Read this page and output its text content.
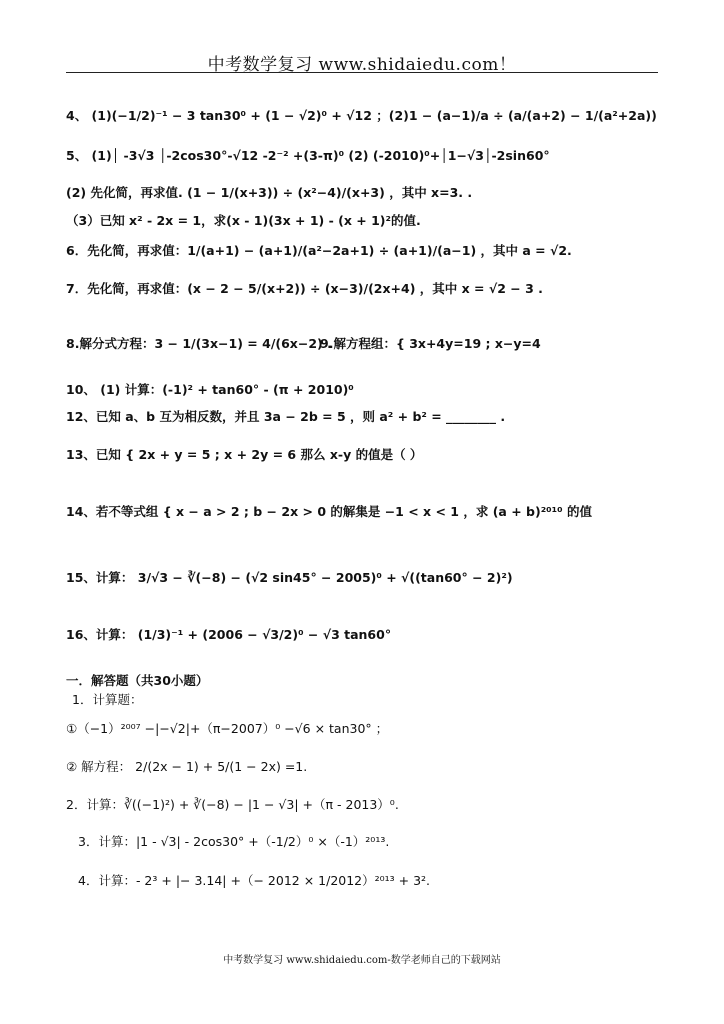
中考数学复习 www.shidaiedu.com！
4、 (1)(−1/2)⁻¹ − 3 tan30⁰ + (1 − √2)⁰ + √12 ；(2)1 − (a−1)/a ÷ (a/(a+2) − 1/(a²+2a))
5、 (1)│ -3√3 │-2cos30°-√12 -2⁻² +(3-π)⁰ (2) (-2010)⁰+│1−√3│-2sin60°
(2) 先化简，再求值. (1 − 1/(x+3)) ÷ (x²−4)/(x+3) ，其中 x=3. .
（3）已知 x² - 2x = 1，求(x - 1)(3x + 1) - (x + 1)²的值.
6．先化简，再求值：1/(a+1) − (a+1)/(a²−2a+1) ÷ (a+1)/(a−1) ，其中 a = √2.
7．先化简，再求值：(x − 2 − 5/(x+2)) ÷ (x−3)/(2x+4) ，其中 x = √2 − 3 .
8.解分式方程：3 − 1/(3x−1) = 4/(6x−2) .
9.解方程组：{ 3x+4y=19 ; x−y=4
10、 (1) 计算：(-1)² + tan60° - (π + 2010)⁰
12、已知 a、b 互为相反数，并且 3a − 2b = 5 ，则 a² + b² = ________ .
13、已知 { 2x + y = 5 ; x + 2y = 6 那么 x-y 的值是（ ）
14、若不等式组 { x − a > 2 ; b − 2x > 0 的解集是 −1 < x < 1 ，求 (a + b)²⁰¹⁰ 的值
15、计算： 3/√3 − ∛(−8) − (√2 sin45° − 2005)⁰ + √((tan60° − 2)²)
16、计算： (1/3)⁻¹ + (2006 − √3/2)⁰ − √3 tan60°
一．解答题（共30小题）
1．计算题：
①（−1）²⁰⁰⁷ −|−√2|+（π−2007）⁰ −√6 × tan30° ；
② 解方程： 2/(2x − 1) + 5/(1 − 2x) =1.
2．计算：∛((−1)²) + ∛(−8) − |1 − √3| +（π - 2013）⁰.
3．计算：|1 - √3| - 2cos30° +（-1/2）⁰ ×（-1）²⁰¹³.
4．计算：- 2³ + |− 3.14| +（− 2012 × 1/2012）²⁰¹³ + 3².
中考数学复习 www.shidaiedu.com-数学老师自己的下载网站
